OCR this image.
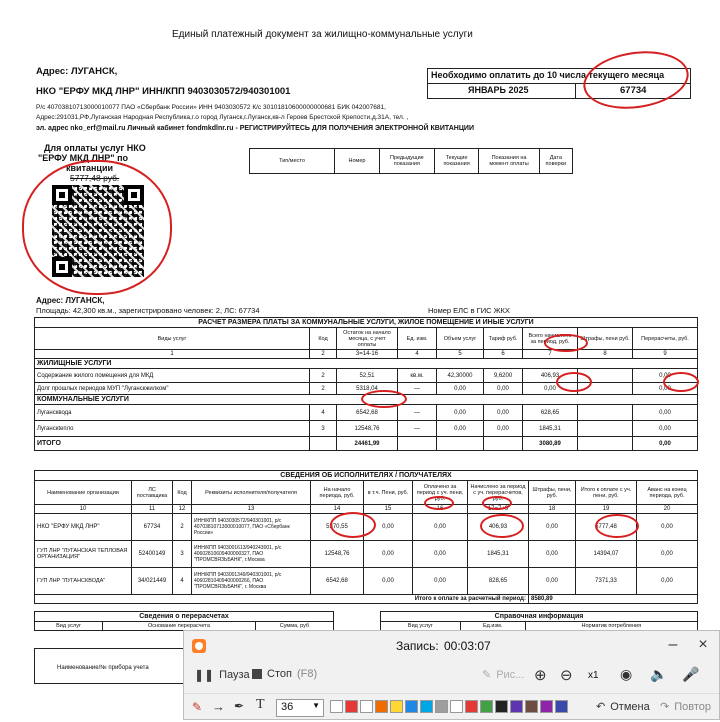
Единый платежный документ за жилищно-коммунальные услуги
Адрес: ЛУГАНСК,
НКО "ЕРФУ МКД ЛНР" ИНН/КПП 9403030572/940301001
Необходимо оплатить до 10 числа текущего месяца
ЯНВАРЬ 2025	67734
Р/с 40703810713000010077 ПАО «Сбербанк России» ИНН 9403030572 К/с 30101810600000000681 БИК 042007681,
Адрес:291031,РФ,Луганская Народная Республика,г.о город Луганск,г.Луганск,кв-л Героев Брестской Крепости,д.31А, тел. ,
эл. адрес nko_erf@mail.ru Личный кабинет fondmkdlnr.ru - РЕГИСТРИРУЙТЕСЬ ДЛЯ ПОЛУЧЕНИЯ ЭЛЕКТРОННОЙ КВИТАНЦИИ
Для оплаты услуг НКО
"ЕРФУ МКД ЛНР" по
квитанции
5777,48 руб.
Тип/место	Номер	Предыдущие показания	Текущие показания	Показания на момент оплаты	Дата поверки
Адрес: ЛУГАНСК,
Площадь: 42,300 кв.м., зарегистрировано человек: 2, ЛС: 67734	Номер ЕЛС в ГИС ЖКХ
РАСЧЕТ РАЗМЕРА ПЛАТЫ ЗА КОММУНАЛЬНЫЕ УСЛУГИ, ЖИЛОЕ ПОМЕЩЕНИЕ И ИНЫЕ УСЛУГИ								
Виды услуг	Код	Остаток на начало месяца, с учет оплаты	Ед. изм.	Объем услуг	Тариф руб.	Всего начислено за период, руб.	Штрафы, пени руб.	Перерасчеты, руб.
1	2	3=14-16	4	5	6	7	8	9
ЖИЛИЩНЫЕ УСЛУГИ								
Содержание жилого помещения для МКД	2	52,51	кв.м.	42,30000	9,6200	406,93		0,00
Долг прошлых периодов МУП "Луганскжилком"	2	5318,04	—	0,00	0,00	0,00		0,00
КОММУНАЛЬНЫЕ УСЛУГИ								
Луганскводa	4	6542,68	—	0,00	0,00	628,65		0,00
Луганскteпло	3	12548,76	—	0,00	0,00	1845,31		0,00
ИТОГО		24461,99				3080,89		0,00
СВЕДЕНИЯ ОБ ИСПОЛНИТЕЛЯХ / ПОЛУЧАТЕЛЯХ										
Наименование организации	ЛС поставщика	Код	Реквизиты исполнителя/получателя	На начало периода, руб.	в т.ч. Пени, руб.	Оплачено за период с уч. пени, руб.	Начислено за период с уч. перерасчетов, руб.	Штрафы, пени, руб.	Итого к оплате с уч. пени, руб.	Аванс на конец периода, руб.
10	11	12	13	14	15	16	17=7+9	18	19	20
НКО "ЕРФУ МКД ЛНР"	67734	2	ИНН/КПП 9403030572/940301001, р/с 40703810713000010077, ПАО «Сбербанк России»	5370,55	0,00	0,00	406,93	0,00	5777,48	0,00
ГУП ЛНР "ЛУГАНСКАЯ ТЕПЛОВАЯ ОРГАНИЗАЦИЯ"	52400149	3	ИНН/КПП 9403001613/940243001, р/с 40602810609400000327, ПАО "ПРОМСВЯЗЬБАНК", г.Москва	12548,76	0,00	0,00	1845,31	0,00	14394,07	0,00
ГУП ЛНР "ЛУГАНСКВОДА"	34/021449	4	ИНН/КПП 9403001349/940301001, р/с 40602810409400000266, ПАО "ПРОМСВЯЗЬБАНК", г. Москва	6542,68	0,00	0,00	828,65	0,00	7371,33	0,00
Итого к оплате за расчетный период:								8580,89		
Сведения о перерасчетах
Вид услуг	Основание перерасчета	Сумма, руб
Справочная информация
Вид услуг	Ед.изм.	Норматив потребления
Наименование/№ прибора учета
Запись: 00:03:07	–	×
❚❚ Пауза Стоп (F8)	✎ Рис... ⊕ ⊖ x1 ◉ 🔈 🎤
✎ → ✒ T 36 ▼	↶ Отмена ↷ Повтор
